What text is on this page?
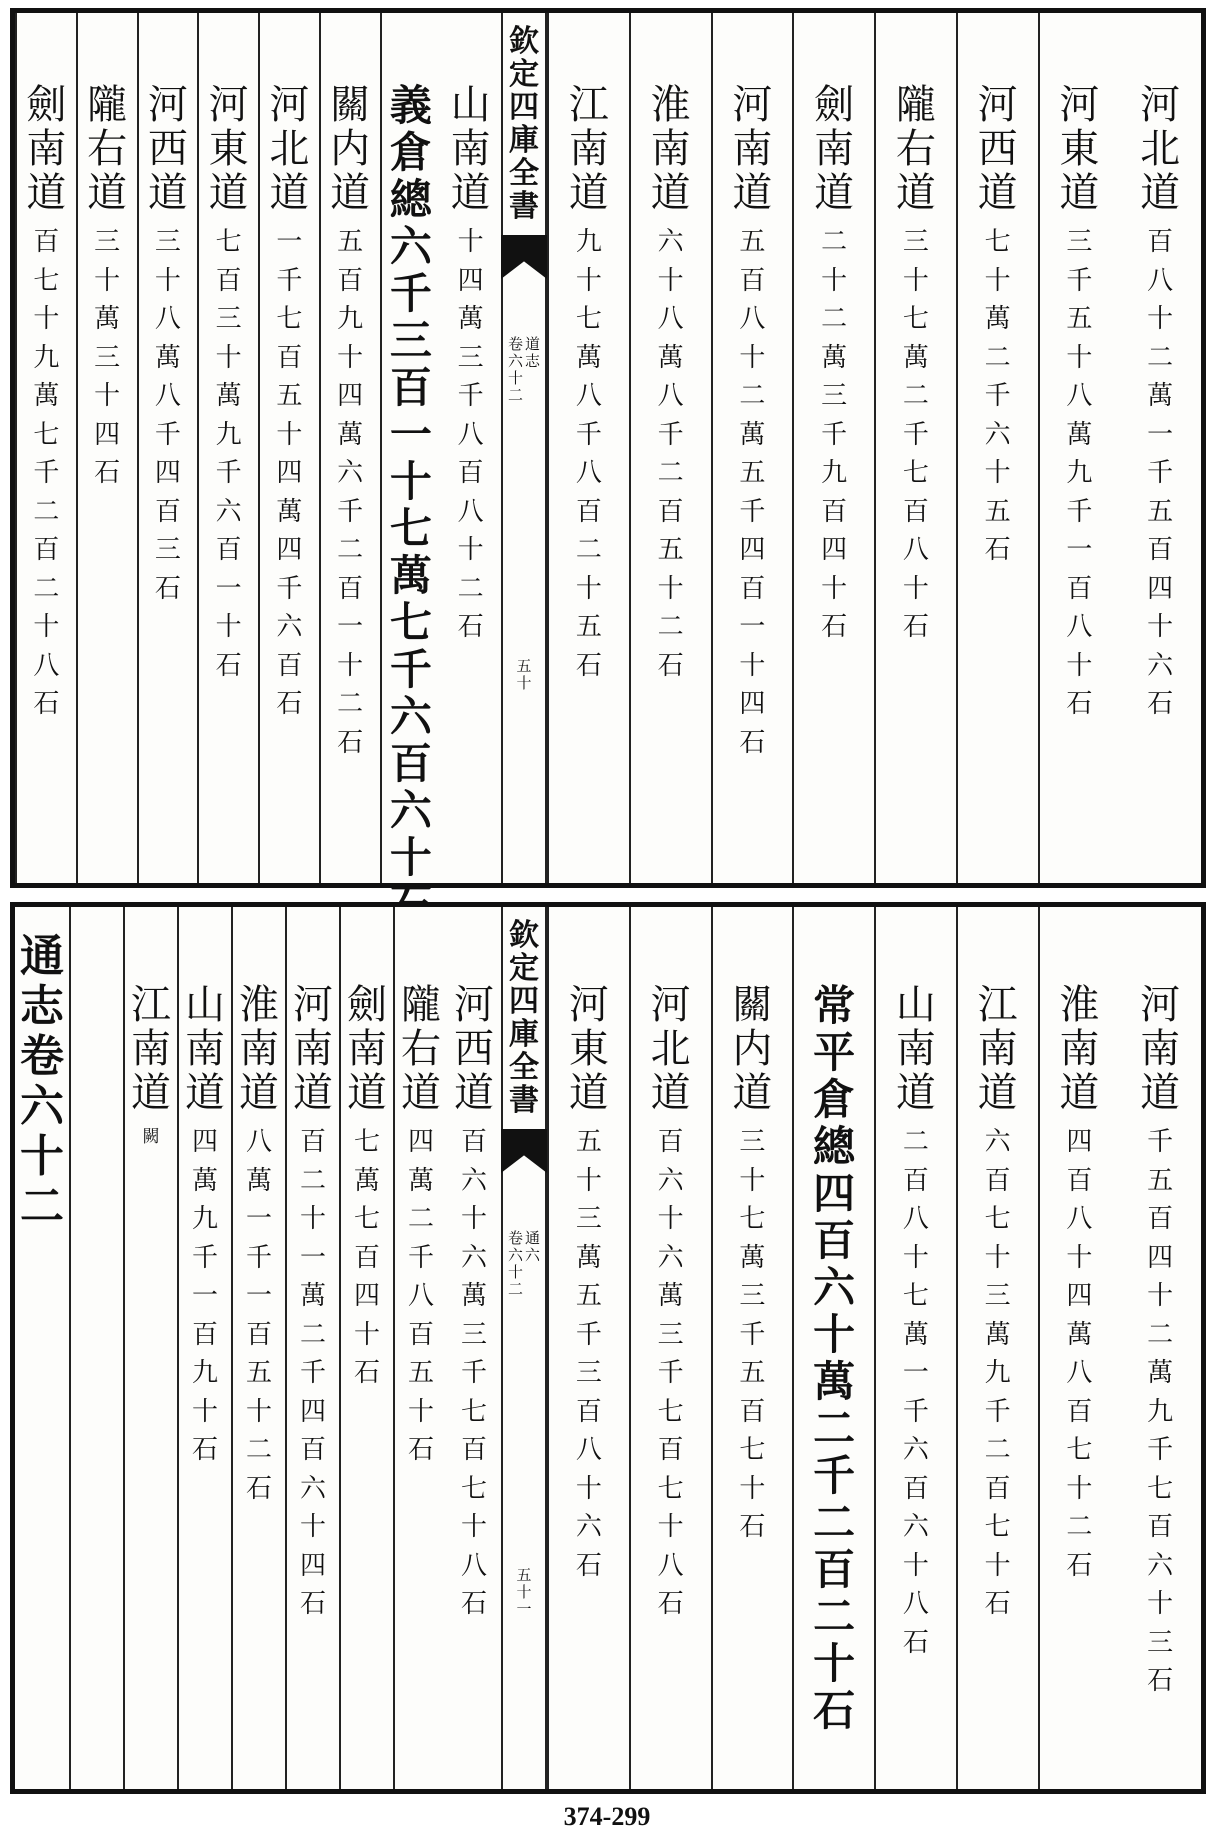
河
北
道
百
八
十
二
萬
一
千
五
百
四
十
六
石
河
東
道
三
千
五
十
八
萬
九
千
一
百
八
十
石
河
西
道
七
十
萬
二
千
六
十
五
石
隴
右
道
三
十
七
萬
二
千
七
百
八
十
石
劍
南
道
二
十
二
萬
三
千
九
百
四
十
石
河
南
道
五
百
八
十
二
萬
五
千
四
百
一
十
四
石
淮
南
道
六
十
八
萬
八
千
二
百
五
十
二
石
江
南
道
九
十
七
萬
八
千
八
百
二
十
五
石
欽
定
四
庫
全
書
道
志
卷
六
十
二
五
十
山
南
道
十
四
萬
三
千
八
百
八
十
二
石
義
倉
總
六
千
三
百
一
十
七
萬
七
千
六
百
六
十
關
内
道
五
百
九
十
四
萬
六
千
二
百
一
十
二
石
河
北
道
一
千
七
百
五
十
四
萬
四
千
六
百
石
河
東
道
七
百
三
十
萬
九
千
六
百
一
十
石
河
西
道
三
十
八
萬
八
千
四
百
三
石
隴
右
道
三
十
萬
三
十
四
石
劍
南
道
百
七
十
九
萬
七
千
二
百
二
十
八
石
河
南
道
千
五
百
四
十
二
萬
九
千
七
百
六
十
三
石
淮
南
道
四
百
八
十
四
萬
八
百
七
十
二
石
江
南
道
六
百
七
十
三
萬
九
千
二
百
七
十
石
山
南
道
二
百
八
十
七
萬
一
千
六
百
六
十
八
石
常
平
倉
總
四
百
六
十
萬
二
千
二
百
二
十
石
關
内
道
三
十
七
萬
三
千
五
百
七
十
石
河
北
道
百
六
十
六
萬
三
千
七
百
七
十
八
石
河
東
道
五
十
三
萬
五
千
三
百
八
十
六
石
欽
定
四
庫
全
書
通
六
卷
六
十
二
五
十
一
河
西
道
百
六
十
六
萬
三
千
七
百
七
十
八
石
隴
右
道
四
萬
二
千
八
百
五
十
石
劍
南
道
七
萬
七
百
四
十
石
河
南
道
百
二
十
一
萬
二
千
四
百
六
十
四
石
淮
南
道
八
萬
一
千
一
百
五
十
二
石
山
南
道
四
萬
九
千
一
百
九
十
石
江
南
道
闕
通
志
卷
六
十
二
374-299
